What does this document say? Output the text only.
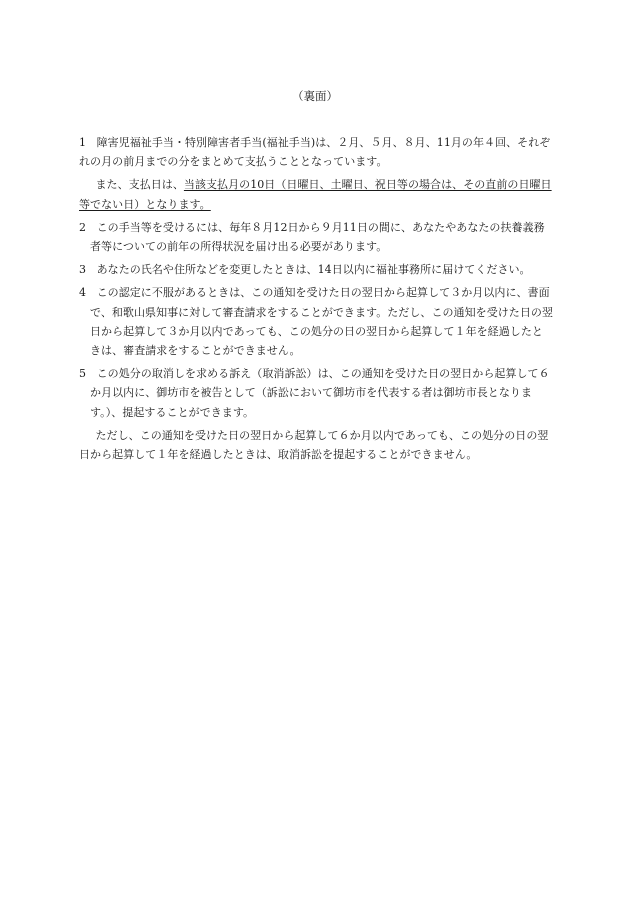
（裏面）

1 障害児福祉手当・特別障害者手当(福祉手当)は、２月、５月、８月、11月の年４回、それぞれの月の前月までの分をまとめて支払うこととなっています。

また、支払日は、当該支払月の10日（日曜日、土曜日、祝日等の場合は、その直前の日曜日等でない日）となります。

2 この手当等を受けるには、毎年８月12日から９月11日の間に、あなたやあなたの扶養義務者等についての前年の所得状況を届け出る必要があります。

3 あなたの氏名や住所などを変更したときは、14日以内に福祉事務所に届けてください。

4 この認定に不服があるときは、この通知を受けた日の翌日から起算して３か月以内に、書面で、和歌山県知事に対して審査請求をすることができます。ただし、この通知を受けた日の翌日から起算して３か月以内であっても、この処分の日の翌日から起算して１年を経過したときは、審査請求をすることができません。

5 この処分の取消しを求める訴え（取消訴訟）は、この通知を受けた日の翌日から起算して６か月以内に、御坊市を被告として（訴訟において御坊市を代表する者は御坊市長となります。）、提起することができます。

ただし、この通知を受けた日の翌日から起算して６か月以内であっても、この処分の日の翌日から起算して１年を経過したときは、取消訴訟を提起することができません。
